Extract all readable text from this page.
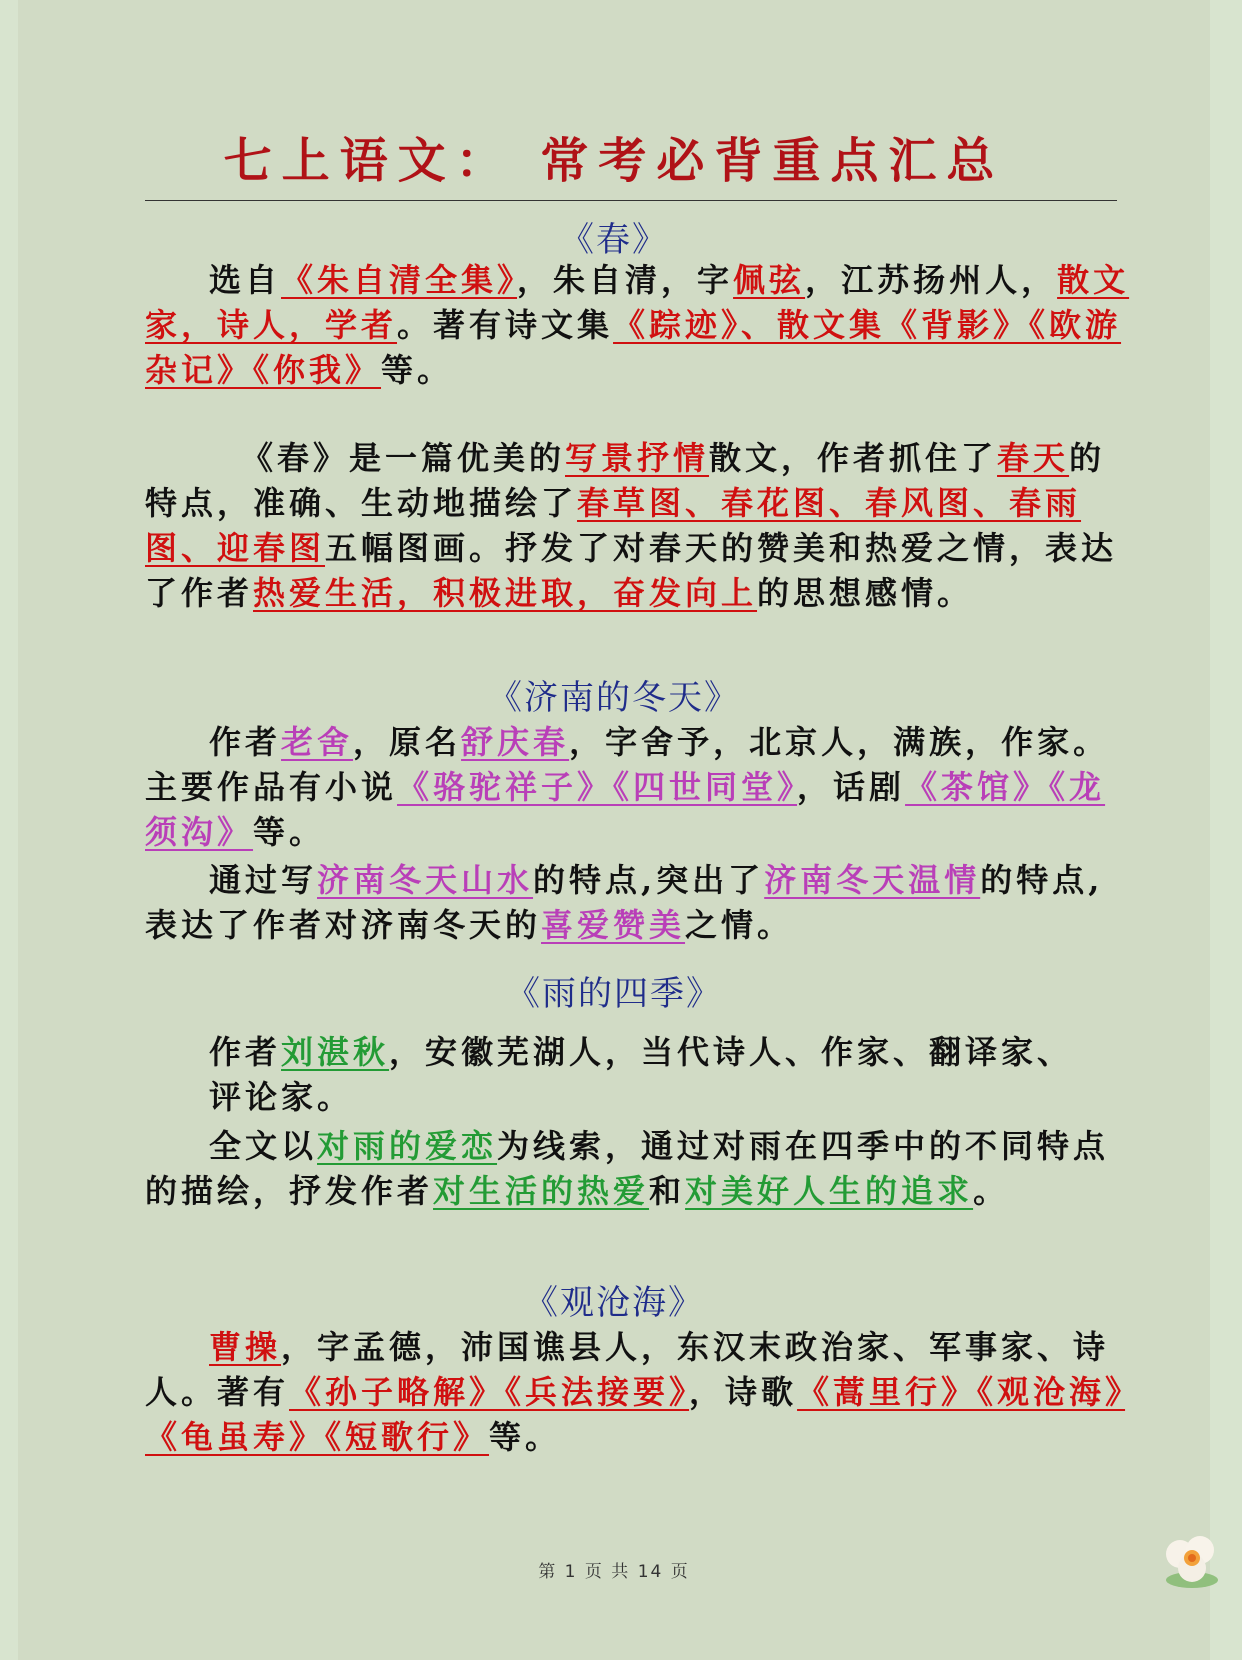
七上语文： 常考必背重点汇总
《春》
选自《朱自清全集》，朱自清，字佩弦，江苏扬州人，散文家，诗人，学者。著有诗文集《踪迹》、散文集《背影》《欧游杂记》《你我》等。
《春》是一篇优美的写景抒情散文，作者抓住了春天的特点，准确、生动地描绘了春草图、春花图、春风图、春雨图、迎春图五幅图画。抒发了对春天的赞美和热爱之情，表达了作者热爱生活，积极进取，奋发向上的思想感情。
《济南的冬天》
作者老舍，原名舒庆春，字舍予，北京人，满族，作家。主要作品有小说《骆驼祥子》《四世同堂》，话剧《茶馆》《龙须沟》等。
通过写济南冬天山水的特点,突出了济南冬天温情的特点,表达了作者对济南冬天的喜爱赞美之情。
《雨的四季》
作者刘湛秋，安徽芜湖人，当代诗人、作家、翻译家、评论家。
全文以对雨的爱恋为线索，通过对雨在四季中的不同特点的描绘，抒发作者对生活的热爱和对美好人生的追求。
《观沧海》
曹操，字孟德，沛国谯县人，东汉末政治家、军事家、诗人。著有《孙子略解》《兵法接要》，诗歌《蒿里行》《观沧海》《龟虽寿》《短歌行》等。
第 1 页 共 14 页
